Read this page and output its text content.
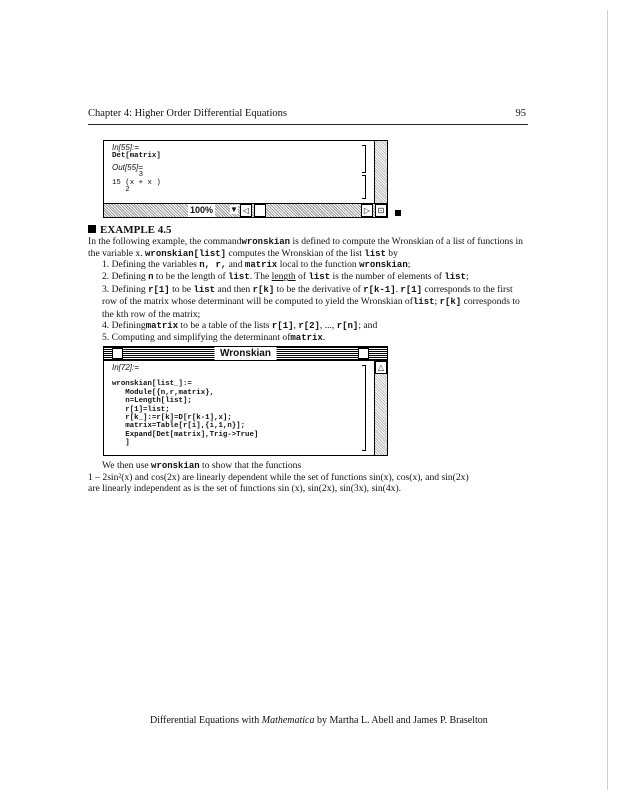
Chapter 4: Higher Order Differential Equations	95
In[55]:=
Det[matrix]
Out[55]=
3
15 (x + x )
2
100% ▼ ◁	▷ ⊡
EXAMPLE 4.5
In the following example, the commandwronskian is defined to compute the Wronskian of a list of functions in the variable x. wronskian[list] computes the Wronskian of the list list by
1. Defining the variables n, r, and matrix local to the function wronskian;
2. Defining n to be the length of list. The length of list is the number of elements of list;
3. Defining r[1] to be list and then r[k] to be the derivative of r[k-1]. r[1] corresponds to the first row of the matrix whose determinant will be computed to yield the Wronskian oflist; r[k] corresponds to the kth row of the matrix;
4. Definingmatrix to be a table of the lists r[1], r[2], ..., r[n]; and
5. Computing and simplifying the determinant ofmatrix.
Wronskian
In[72]:=

wronskian[list_]:=
Module[{n,r,matrix},
n=Length[list];
r[1]=list;
r[k_]:=r[k]=D[r[k-1],x];
matrix=Table[r[i],{i,1,n}];
Expand[Det[matrix],Trig->True]
]
△
We then use wronskian to show that the functions
1 – 2sin²(x) and cos(2x) are linearly dependent while the set of functions sin(x), cos(x), and sin(2x)
are linearly independent as is the set of functions sin (x), sin(2x), sin(3x), sin(4x).
Differential Equations with Mathematica by Martha L. Abell and James P. Braselton
